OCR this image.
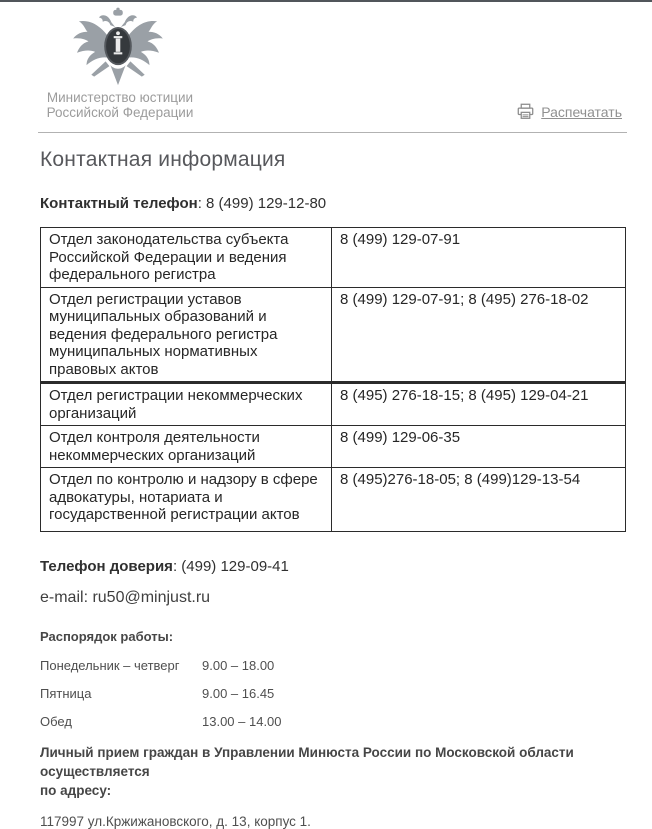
Министерство юстиции
Российской Федерации	Распечатать
Контактная информация
Контактный телефон: 8 (499) 129-12-80
Отдел законодательства субъекта Российской Федерации и ведения федерального регистра	8 (499) 129-07-91
Отдел регистрации уставов муниципальных образований и ведения федерального регистра муниципальных нормативных правовых актов	8 (499) 129-07-91; 8 (495) 276-18-02
Отдел регистрации некоммерческих организаций	8 (495) 276-18-15; 8 (495) 129-04-21
Отдел контроля деятельности некоммерческих организаций	8 (499) 129-06-35
Отдел по контролю и надзору в сфере адвокатуры, нотариата и государственной регистрации актов	8 (495)276-18-05; 8 (499)129-13-54
Телефон доверия: (499) 129-09-41
e-mail: ru50@minjust.ru
Распорядок работы:
Понедельник – четверг 9.00 – 18.00
Пятница	9.00 – 16.45
Обед	13.00 – 14.00
Личный прием граждан в Управлении Минюста России по Московской области осуществляется
по адресу:
117997 ул.Кржижановского, д. 13, корпус 1.
